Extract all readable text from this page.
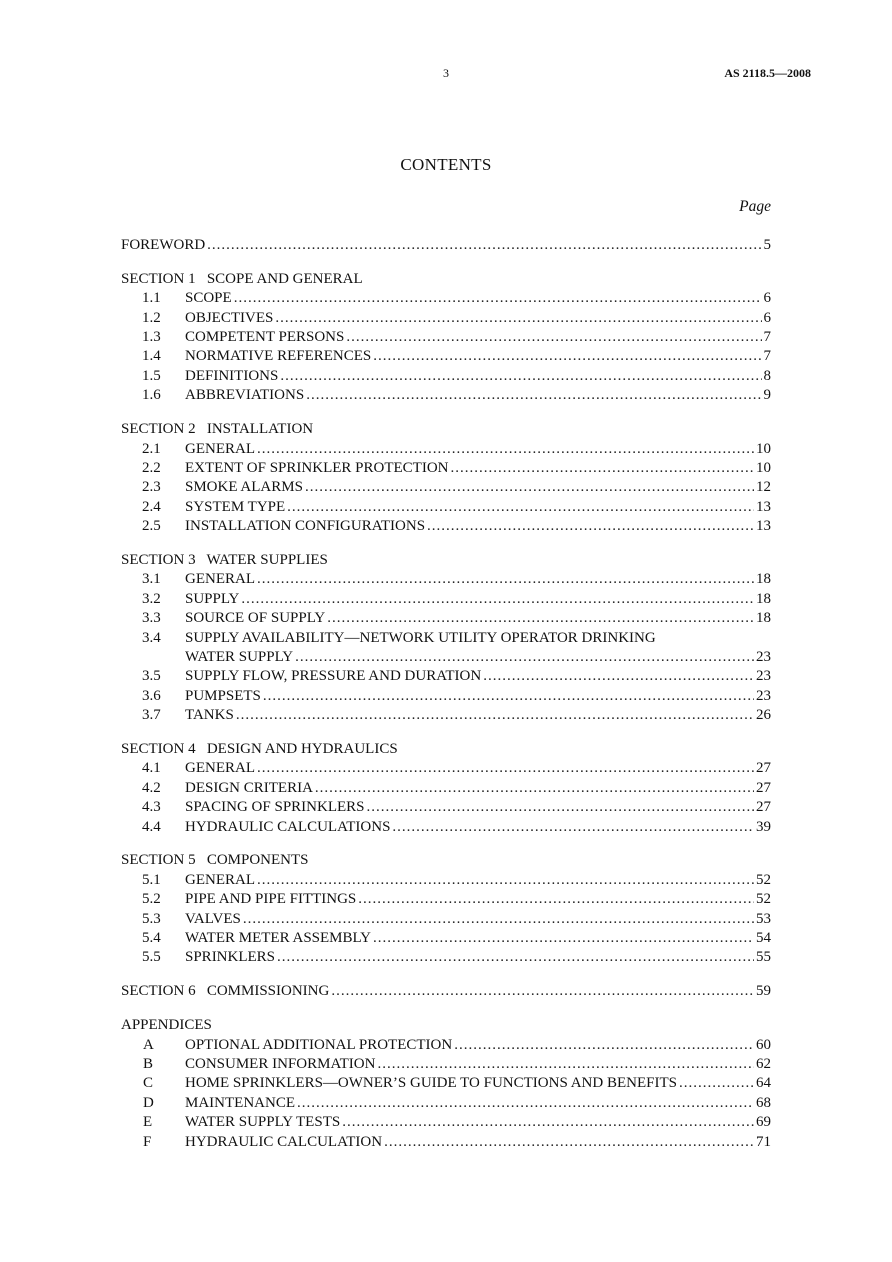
3	AS 2118.5—2008
CONTENTS
Page
FOREWORD .....	5
SECTION 1   SCOPE AND GENERAL
1.1	SCOPE .....	6
1.2	OBJECTIVES .....	6
1.3	COMPETENT PERSONS .....	7
1.4	NORMATIVE REFERENCES .....	7
1.5	DEFINITIONS .....	8
1.6	ABBREVIATIONS .....	9
SECTION 2   INSTALLATION
2.1	GENERAL .....	10
2.2	EXTENT OF SPRINKLER PROTECTION .....	10
2.3	SMOKE ALARMS .....	12
2.4	SYSTEM TYPE .....	13
2.5	INSTALLATION CONFIGURATIONS .....	13
SECTION 3   WATER SUPPLIES
3.1	GENERAL .....	18
3.2	SUPPLY .....	18
3.3	SOURCE OF SUPPLY .....	18
3.4	SUPPLY AVAILABILITY—NETWORK UTILITY OPERATOR DRINKING
WATER SUPPLY .....	23
3.5	SUPPLY FLOW, PRESSURE AND DURATION .....	23
3.6	PUMPSETS .....	23
3.7	TANKS .....	26
SECTION 4   DESIGN AND HYDRAULICS
4.1	GENERAL .....	27
4.2	DESIGN CRITERIA .....	27
4.3	SPACING OF SPRINKLERS .....	27
4.4	HYDRAULIC CALCULATIONS .....	39
SECTION 5   COMPONENTS
5.1	GENERAL .....	52
5.2	PIPE AND PIPE FITTINGS .....	52
5.3	VALVES .....	53
5.4	WATER METER ASSEMBLY .....	54
5.5	SPRINKLERS .....	55
SECTION 6   COMMISSIONING .....	59
APPENDICES
A	OPTIONAL ADDITIONAL PROTECTION .....	60
B	CONSUMER INFORMATION .....	62
C	HOME SPRINKLERS—OWNER’S GUIDE TO FUNCTIONS AND BENEFITS .....	64
D	MAINTENANCE .....	68
E	WATER SUPPLY TESTS .....	69
F	HYDRAULIC CALCULATION .....	71
